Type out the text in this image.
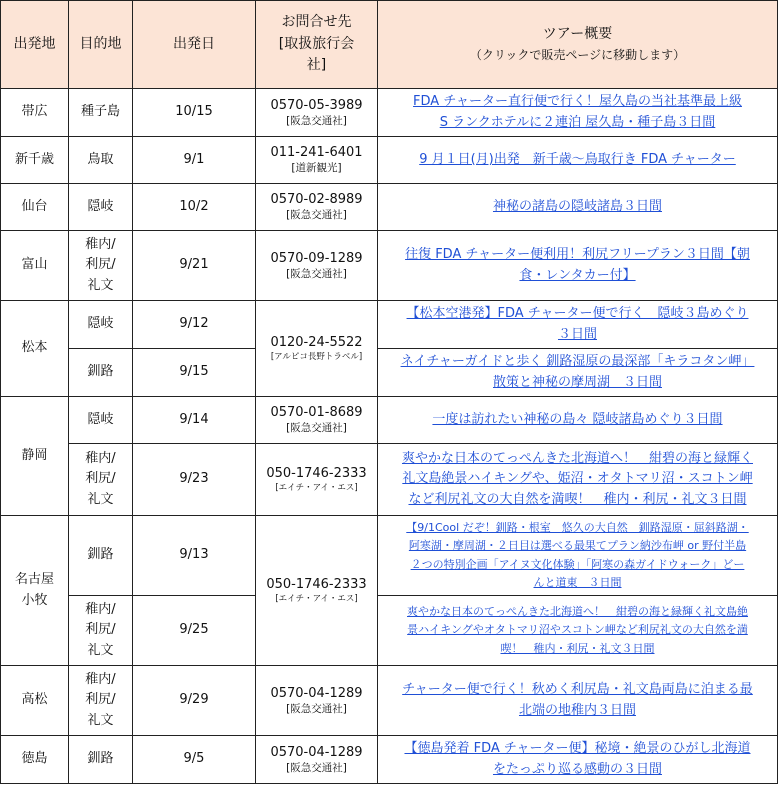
出発地	目的地	出発日	お問合せ先
[取扱旅行会
社]	ツアー概要
（クリックで販売ページに移動します）

帯広	種子島	10/15	0570-05-3989
[阪急交通社]	FDA チャーター直行便で行く！屋久島の当社基準最上級
S ランクホテルに２連泊 屋久島・種子島３日間

新千歳	鳥取	9/1	011-241-6401
[道新観光]	9 月１日(月)出発　新千歳～鳥取行き FDA チャーター

仙台	隠岐	10/2	0570-02-8989
[阪急交通社]	神秘の諸島の隠岐諸島３日間

富山	稚内/
利尻/
礼文	9/21	0570-09-1289
[阪急交通社]	往復 FDA チャーター便利用！利尻フリープラン３日間【朝
食・レンタカー付】

松本	隠岐	9/12	0120-24-5522
[アルピコ長野トラベル]	【松本空港発】FDA チャーター便で行く　隠岐３島めぐり
３日間

	釧路	9/15		ネイチャーガイドと歩く 釧路湿原の最深部「キラコタン岬」
散策と神秘の摩周湖　３日間

静岡	隠岐	9/14	0570-01-8689
[阪急交通社]	一度は訪れたい神秘の島々 隠岐諸島めぐり３日間

	稚内/
利尻/
礼文	9/23	050-1746-2333
[エイチ・アイ・エス]	爽やかな日本のてっぺんきた北海道へ！　紺碧の海と緑輝く
礼文島絶景ハイキングや、姫沼・オタトマリ沼・スコトン岬
など利尻礼文の大自然を満喫！　稚内・利尻・礼文３日間

名古屋
小牧	釧路	9/13	050-1746-2333
[エイチ・アイ・エス]	【9/1Cool だぞ！釧路・根室　悠久の大自然　釧路湿原・屈斜路湖・
阿寒湖・摩周湖・２日目は選べる最果てプラン納沙布岬 or 野付半島
２つの特別企画「アイヌ文化体験」「阿寒の森ガイドウォーク」どー
んと道東　３日間

	稚内/
利尻/
礼文	9/25		爽やかな日本のてっぺんきた北海道へ！　紺碧の海と緑輝く礼文島絶
景ハイキングやオタトマリ沼やスコトン岬など利尻礼文の大自然を満
喫！　稚内・利尻・礼文３日間

高松	稚内/
利尻/
礼文	9/29	0570-04-1289
[阪急交通社]	チャーター便で行く！秋めく利尻島・礼文島両島に泊まる最
北端の地稚内３日間

徳島	釧路	9/5	0570-04-1289
[阪急交通社]	【徳島発着 FDA チャーター便】秘境・絶景のひがし北海道
をたっぷり巡る感動の３日間
